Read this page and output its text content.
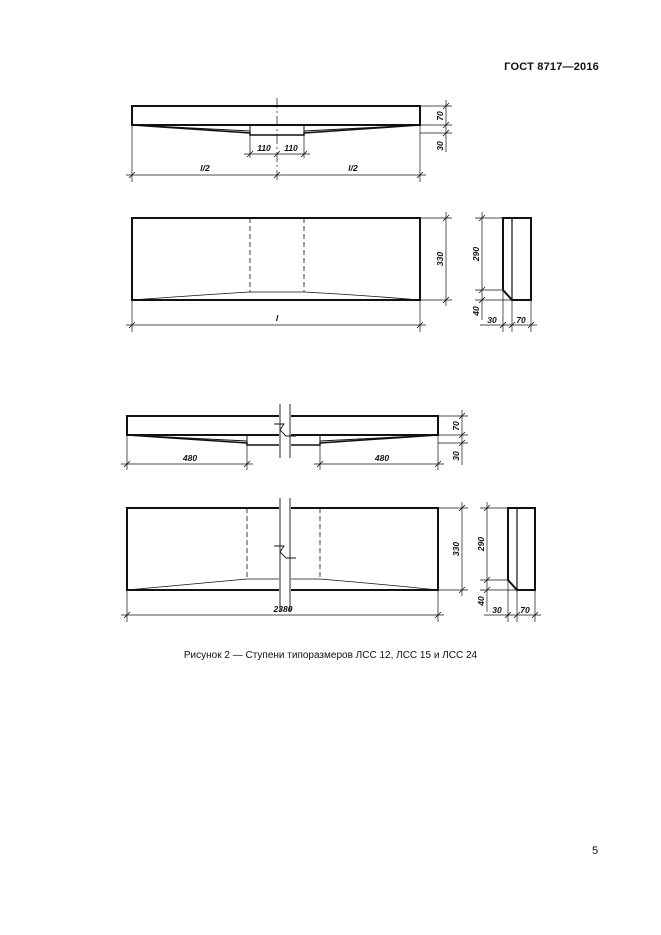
ГОСТ 8717—2016
70
30
110 110
l/2	l/2
330
l
290
40
30 70
70
30
480	480
330
2380
290
40
30 70
Рисунок 2 — Ступени типоразмеров ЛСС 12, ЛСС 15 и ЛСС 24
5
